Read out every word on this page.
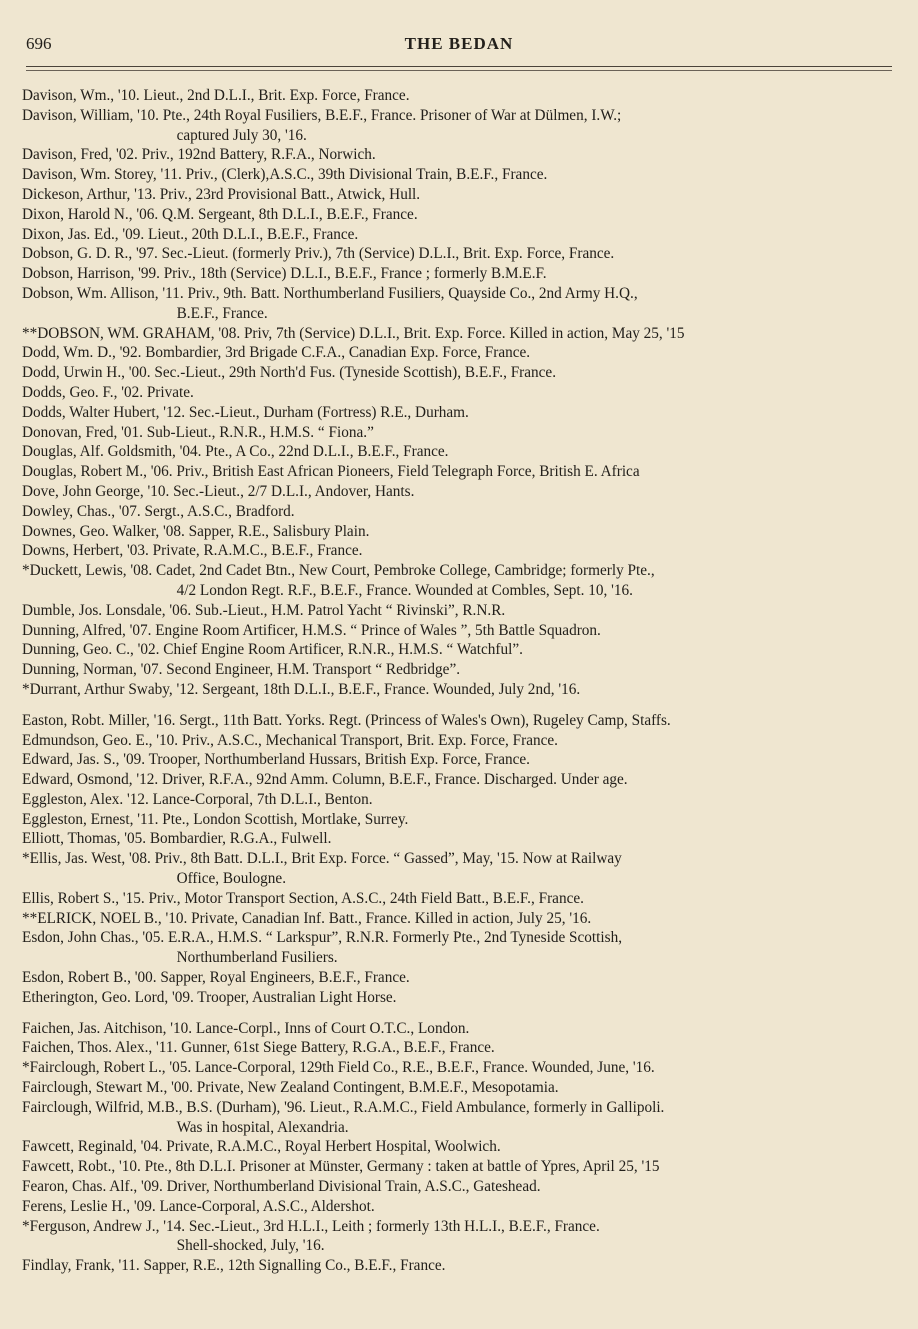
696	THE BEDAN

Davison, Wm., '10. Lieut., 2nd D.L.I., Brit. Exp. Force, France.

Davison, William, '10. Pte., 24th Royal Fusiliers, B.E.F., France. Prisoner of War at Dülmen, I.W.;
captured July 30, '16.

Davison, Fred, '02. Priv., 192nd Battery, R.F.A., Norwich.

Davison, Wm. Storey, '11. Priv., (Clerk),A.S.C., 39th Divisional Train, B.E.F., France.

Dickeson, Arthur, '13. Priv., 23rd Provisional Batt., Atwick, Hull.

Dixon, Harold N., '06. Q.M. Sergeant, 8th D.L.I., B.E.F., France.

Dixon, Jas. Ed., '09. Lieut., 20th D.L.I., B.E.F., France.

Dobson, G. D. R., '97. Sec.-Lieut. (formerly Priv.), 7th (Service) D.L.I., Brit. Exp. Force, France.

Dobson, Harrison, '99. Priv., 18th (Service) D.L.I., B.E.F., France ; formerly B.M.E.F.

Dobson, Wm. Allison, '11. Priv., 9th. Batt. Northumberland Fusiliers, Quayside Co., 2nd Army H.Q.,
B.E.F., France.

**DOBSON, WM. GRAHAM, '08. Priv, 7th (Service) D.L.I., Brit. Exp. Force. Killed in action, May 25, '15

Dodd, Wm. D., '92. Bombardier, 3rd Brigade C.F.A., Canadian Exp. Force, France.

Dodd, Urwin H., '00. Sec.-Lieut., 29th North'd Fus. (Tyneside Scottish), B.E.F., France.

Dodds, Geo. F., '02. Private.

Dodds, Walter Hubert, '12. Sec.-Lieut., Durham (Fortress) R.E., Durham.

Donovan, Fred, '01. Sub-Lieut., R.N.R., H.M.S. “ Fiona.”

Douglas, Alf. Goldsmith, '04. Pte., A Co., 22nd D.L.I., B.E.F., France.

Douglas, Robert M., '06. Priv., British East African Pioneers, Field Telegraph Force, British E. Africa

Dove, John George, '10. Sec.-Lieut., 2/7 D.L.I., Andover, Hants.

Dowley, Chas., '07. Sergt., A.S.C., Bradford.

Downes, Geo. Walker, '08. Sapper, R.E., Salisbury Plain.

Downs, Herbert, '03. Private, R.A.M.C., B.E.F., France.

*Duckett, Lewis, '08. Cadet, 2nd Cadet Btn., New Court, Pembroke College, Cambridge; formerly Pte.,
4/2 London Regt. R.F., B.E.F., France. Wounded at Combles, Sept. 10, '16.

Dumble, Jos. Lonsdale, '06. Sub.-Lieut., H.M. Patrol Yacht “ Rivinski”, R.N.R.

Dunning, Alfred, '07. Engine Room Artificer, H.M.S. “ Prince of Wales ”, 5th Battle Squadron.

Dunning, Geo. C., '02. Chief Engine Room Artificer, R.N.R., H.M.S. “ Watchful”.

Dunning, Norman, '07. Second Engineer, H.M. Transport “ Redbridge”.

*Durrant, Arthur Swaby, '12. Sergeant, 18th D.L.I., B.E.F., France. Wounded, July 2nd, '16.

Easton, Robt. Miller, '16. Sergt., 11th Batt. Yorks. Regt. (Princess of Wales's Own), Rugeley Camp, Staffs.

Edmundson, Geo. E., '10. Priv., A.S.C., Mechanical Transport, Brit. Exp. Force, France.

Edward, Jas. S., '09. Trooper, Northumberland Hussars, British Exp. Force, France.

Edward, Osmond, '12. Driver, R.F.A., 92nd Amm. Column, B.E.F., France. Discharged. Under age.

Eggleston, Alex. '12. Lance-Corporal, 7th D.L.I., Benton.

Eggleston, Ernest, '11. Pte., London Scottish, Mortlake, Surrey.

Elliott, Thomas, '05. Bombardier, R.G.A., Fulwell.

*Ellis, Jas. West, '08. Priv., 8th Batt. D.L.I., Brit Exp. Force. “ Gassed”, May, '15. Now at Railway
Office, Boulogne.

Ellis, Robert S., '15. Priv., Motor Transport Section, A.S.C., 24th Field Batt., B.E.F., France.

**ELRICK, NOEL B., '10. Private, Canadian Inf. Batt., France. Killed in action, July 25, '16.

Esdon, John Chas., '05. E.R.A., H.M.S. “ Larkspur”, R.N.R. Formerly Pte., 2nd Tyneside Scottish,
Northumberland Fusiliers.

Esdon, Robert B., '00. Sapper, Royal Engineers, B.E.F., France.

Etherington, Geo. Lord, '09. Trooper, Australian Light Horse.

Faichen, Jas. Aitchison, '10. Lance-Corpl., Inns of Court O.T.C., London.

Faichen, Thos. Alex., '11. Gunner, 61st Siege Battery, R.G.A., B.E.F., France.

*Fairclough, Robert L., '05. Lance-Corporal, 129th Field Co., R.E., B.E.F., France. Wounded, June, '16.

Fairclough, Stewart M., '00. Private, New Zealand Contingent, B.M.E.F., Mesopotamia.

Fairclough, Wilfrid, M.B., B.S. (Durham), '96. Lieut., R.A.M.C., Field Ambulance, formerly in Gallipoli.
Was in hospital, Alexandria.

Fawcett, Reginald, '04. Private, R.A.M.C., Royal Herbert Hospital, Woolwich.

Fawcett, Robt., '10. Pte., 8th D.L.I. Prisoner at Münster, Germany : taken at battle of Ypres, April 25, '15

Fearon, Chas. Alf., '09. Driver, Northumberland Divisional Train, A.S.C., Gateshead.

Ferens, Leslie H., '09. Lance-Corporal, A.S.C., Aldershot.

*Ferguson, Andrew J., '14. Sec.-Lieut., 3rd H.L.I., Leith ; formerly 13th H.L.I., B.E.F., France.
Shell-shocked, July, '16.

Findlay, Frank, '11. Sapper, R.E., 12th Signalling Co., B.E.F., France.
